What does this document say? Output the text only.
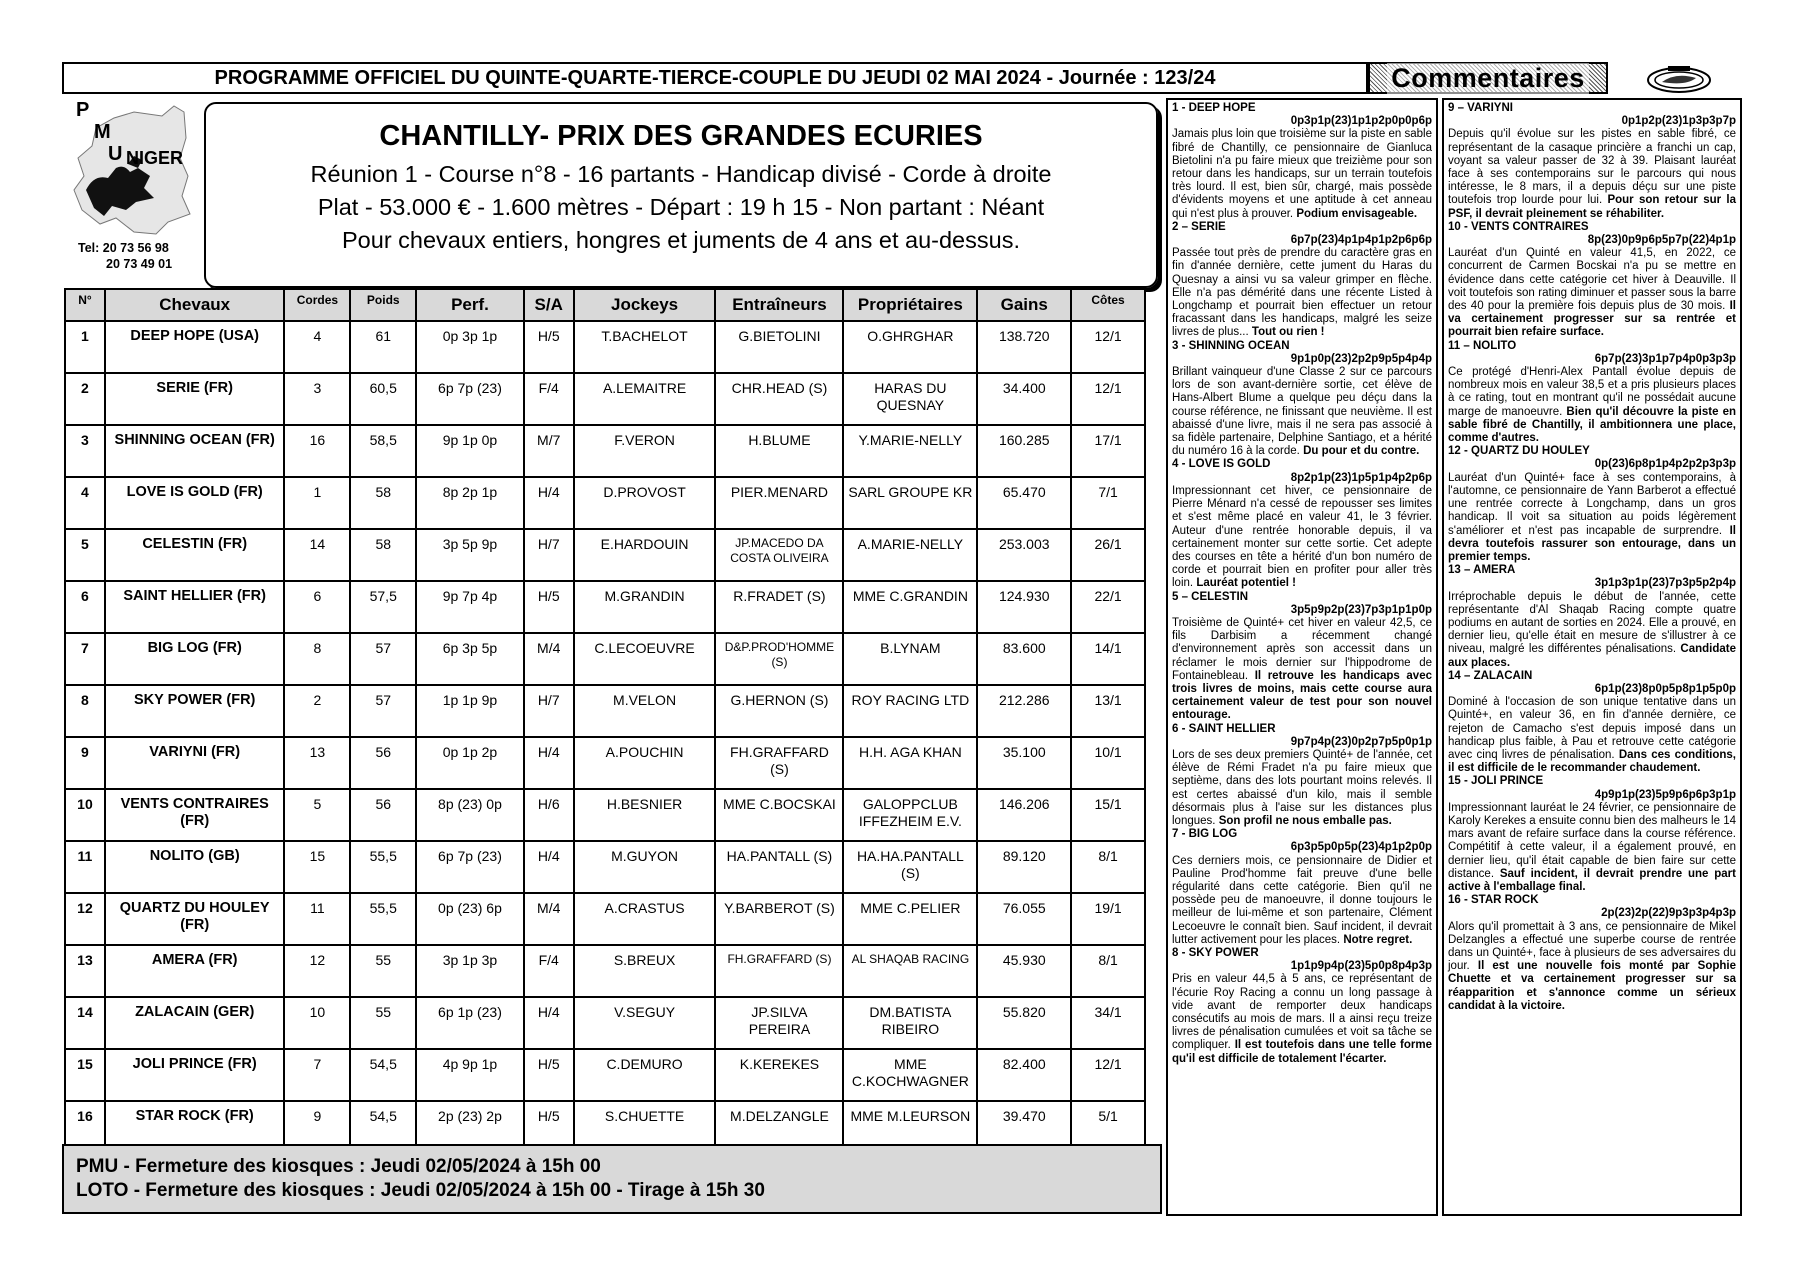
PROGRAMME OFFICIEL DU QUINTE-QUARTE-TIERCE-COUPLE DU JEUDI 02 MAI 2024 - Journée : 123/24	Commentaires
P
M
U NIGER
Tel: 20 73 56 98
20 73 49 01
CHANTILLY- PRIX DES GRANDES ECURIES
Réunion 1 - Course n°8 - 16 partants - Handicap divisé - Corde à droite
Plat - 53.000 € - 1.600 mètres - Départ : 19 h 15 - Non partant : Néant
Pour chevaux entiers, hongres et juments de 4 ans et au-dessus.
N°	Chevaux	Cordes	Poids	Perf.	S/A	Jockeys	Entraîneurs	Propriétaires	Gains	Côtes
1	DEEP HOPE (USA)	4	61	0p 3p 1p	H/5	T.BACHELOT	G.BIETOLINI	O.GHRGHAR	138.720	12/1
2	SERIE (FR)	3	60,5	6p 7p (23)	F/4	A.LEMAITRE	CHR.HEAD (S)	HARAS DU QUESNAY	34.400	12/1
3	SHINNING OCEAN (FR)	16	58,5	9p 1p 0p	M/7	F.VERON	H.BLUME	Y.MARIE-NELLY	160.285	17/1
4	LOVE IS GOLD (FR)	1	58	8p 2p 1p	H/4	D.PROVOST	PIER.MENARD	SARL GROUPE KR	65.470	7/1
5	CELESTIN (FR)	14	58	3p 5p 9p	H/7	E.HARDOUIN	JP.MACEDO DA COSTA OLIVEIRA	A.MARIE-NELLY	253.003	26/1
6	SAINT HELLIER (FR)	6	57,5	9p 7p 4p	H/5	M.GRANDIN	R.FRADET (S)	MME C.GRANDIN	124.930	22/1
7	BIG LOG (FR)	8	57	6p 3p 5p	M/4	C.LECOEUVRE	D&P.PROD'HOMME (S)	B.LYNAM	83.600	14/1
8	SKY POWER (FR)	2	57	1p 1p 9p	H/7	M.VELON	G.HERNON (S)	ROY RACING LTD	212.286	13/1
9	VARIYNI (FR)	13	56	0p 1p 2p	H/4	A.POUCHIN	FH.GRAFFARD (S)	H.H. AGA KHAN	35.100	10/1
10	VENTS CONTRAIRES (FR)	5	56	8p (23) 0p	H/6	H.BESNIER	MME C.BOCSKAI	GALOPPCLUB IFFEZHEIM E.V.	146.206	15/1
11	NOLITO (GB)	15	55,5	6p 7p (23)	H/4	M.GUYON	HA.PANTALL (S)	HA.HA.PANTALL (S)	89.120	8/1
12	QUARTZ DU HOULEY (FR)	11	55,5	0p (23) 6p	M/4	A.CRASTUS	Y.BARBEROT (S)	MME C.PELIER	76.055	19/1
13	AMERA (FR)	12	55	3p 1p 3p	F/4	S.BREUX	FH.GRAFFARD (S)	AL SHAQAB RACING	45.930	8/1
14	ZALACAIN (GER)	10	55	6p 1p (23)	H/4	V.SEGUY	JP.SILVA PEREIRA	DM.BATISTA RIBEIRO	55.820	34/1
15	JOLI PRINCE (FR)	7	54,5	4p 9p 1p	H/5	C.DEMURO	K.KEREKES	MME C.KOCHWAGNER	82.400	12/1
16	STAR ROCK (FR)	9	54,5	2p (23) 2p	H/5	S.CHUETTE	M.DELZANGLE	MME M.LEURSON	39.470	5/1
PMU - Fermeture des kiosques : Jeudi 02/05/2024 à 15h 00
LOTO - Fermeture des kiosques : Jeudi 02/05/2024 à 15h 00 - Tirage à 15h 30
1 - DEEP HOPE
0p3p1p(23)1p1p2p0p0p6p
Jamais plus loin que troisième sur la piste en sable fibré de Chantilly, ce pensionnaire de Gianluca Bietolini n'a pu faire mieux que treizième pour son retour dans les handicaps, sur un terrain toutefois très lourd. Il est, bien sûr, chargé, mais possède d'évidents moyens et une aptitude à cet anneau qui n'est plus à prouver. Podium envisageable.
2 – SERIE
6p7p(23)4p1p4p1p2p6p6p
Passée tout près de prendre du caractère gras en fin d'année dernière, cette jument du Haras du Quesnay a ainsi vu sa valeur grimper en flèche. Elle n'a pas démérité dans une récente Listed à Longchamp et pourrait bien effectuer un retour fracassant dans les handicaps, malgré les seize livres de plus... Tout ou rien !
3 - SHINNING OCEAN
9p1p0p(23)2p2p9p5p4p4p
Brillant vainqueur d'une Classe 2 sur ce parcours lors de son avant-dernière sortie, cet élève de Hans-Albert Blume a quelque peu déçu dans la course référence, ne finissant que neuvième. Il est abaissé d'une livre, mais il ne sera pas associé à sa fidèle partenaire, Delphine Santiago, et a hérité du numéro 16 à la corde. Du pour et du contre.
4 - LOVE IS GOLD
8p2p1p(23)1p5p1p4p2p6p
Impressionnant cet hiver, ce pensionnaire de Pierre Ménard n'a cessé de repousser ses limites et s'est même placé en valeur 41, le 3 février. Auteur d'une rentrée honorable depuis, il va certainement monter sur cette sortie. Cet adepte des courses en tête a hérité d'un bon numéro de corde et pourrait bien en profiter pour aller très loin. Lauréat potentiel !
5 – CELESTIN
3p5p9p2p(23)7p3p1p1p0p
Troisième de Quinté+ cet hiver en valeur 42,5, ce fils Darbisim a récemment changé d'environnement après son accessit dans un réclamer le mois dernier sur l'hippodrome de Fontainebleau. Il retrouve les handicaps avec trois livres de moins, mais cette course aura certainement valeur de test pour son nouvel entourage.
6 - SAINT HELLIER
9p7p4p(23)0p2p7p5p0p1p
Lors de ses deux premiers Quinté+ de l'année, cet élève de Rémi Fradet n'a pu faire mieux que septième, dans des lots pourtant moins relevés. Il est certes abaissé d'un kilo, mais il semble désormais plus à l'aise sur les distances plus longues. Son profil ne nous emballe pas.
7 - BIG LOG
6p3p5p0p5p(23)4p1p2p0p
Ces derniers mois, ce pensionnaire de Didier et Pauline Prod'homme fait preuve d'une belle régularité dans cette catégorie. Bien qu'il ne possède peu de manoeuvre, il donne toujours le meilleur de lui-même et son partenaire, Clément Lecoeuvre le connaît bien. Sauf incident, il devrait lutter activement pour les places. Notre regret.
8 - SKY POWER
1p1p9p4p(23)5p0p8p4p3p
Pris en valeur 44,5 à 5 ans, ce représentant de l'écurie Roy Racing a connu un long passage à vide avant de remporter deux handicaps consécutifs au mois de mars. Il a ainsi reçu treize livres de pénalisation cumulées et voit sa tâche se compliquer. Il est toutefois dans une telle forme qu'il est difficile de totalement l'écarter.
9 – VARIYNI
0p1p2p(23)1p3p3p7p
Depuis qu'il évolue sur les pistes en sable fibré, ce représentant de la casaque princière a franchi un cap, voyant sa valeur passer de 32 à 39. Plaisant lauréat face à ses contemporains sur le parcours qui nous intéresse, le 8 mars, il a depuis déçu sur une piste toutefois trop lourde pour lui. Pour son retour sur la PSF, il devrait pleinement se réhabiliter.
10 - VENTS CONTRAIRES
8p(23)0p9p6p5p7p(22)4p1p
Lauréat d'un Quinté en valeur 41,5, en 2022, ce concurrent de Carmen Bocskai n'a pu se mettre en évidence dans cette catégorie cet hiver à Deauville. Il voit toutefois son rating diminuer et passer sous la barre des 40 pour la première fois depuis plus de 30 mois. Il va certainement progresser sur sa rentrée et pourrait bien refaire surface.
11 – NOLITO
6p7p(23)3p1p7p4p0p3p3p
Ce protégé d'Henri-Alex Pantall évolue depuis de nombreux mois en valeur 38,5 et a pris plusieurs places à ce rating, tout en montrant qu'il ne possédait aucune marge de manoeuvre. Bien qu'il découvre la piste en sable fibré de Chantilly, il ambitionnera une place, comme d'autres.
12 - QUARTZ DU HOULEY
0p(23)6p8p1p4p2p2p3p3p
Lauréat d'un Quinté+ face à ses contemporains, à l'automne, ce pensionnaire de Yann Barberot a effectué une rentrée correcte à Longchamp, dans un gros handicap. Il voit sa situation au poids légèrement s'améliorer et n'est pas incapable de surprendre. Il devra toutefois rassurer son entourage, dans un premier temps.
13 – AMERA
3p1p3p1p(23)7p3p5p2p4p
Irréprochable depuis le début de l'année, cette représentante d'Al Shaqab Racing compte quatre podiums en autant de sorties en 2024. Elle a prouvé, en dernier lieu, qu'elle était en mesure de s'illustrer à ce niveau, malgré les différentes pénalisations. Candidate aux places.
14 – ZALACAIN
6p1p(23)8p0p5p8p1p5p0p
Dominé à l'occasion de son unique tentative dans un Quinté+, en valeur 36, en fin d'année dernière, ce rejeton de Camacho s'est depuis imposé dans un handicap plus faible, à Pau et retrouve cette catégorie avec cinq livres de pénalisation. Dans ces conditions, il est difficile de le recommander chaudement.
15 - JOLI PRINCE
4p9p1p(23)5p9p6p6p3p1p
Impressionnant lauréat le 24 février, ce pensionnaire de Karoly Kerekes a ensuite connu bien des malheurs le 14 mars avant de refaire surface dans la course référence. Compétitif à cette valeur, il a également prouvé, en dernier lieu, qu'il était capable de bien faire sur cette distance. Sauf incident, il devrait prendre une part active à l'emballage final.
16 - STAR ROCK
2p(23)2p(22)9p3p3p4p3p
Alors qu'il promettait à 3 ans, ce pensionnaire de Mikel Delzangles a effectué une superbe course de rentrée dans un Quinté+, face à plusieurs de ses adversaires du jour. Il est une nouvelle fois monté par Sophie Chuette et va certainement progresser sur sa réapparition et s'annonce comme un sérieux candidat à la victoire.
